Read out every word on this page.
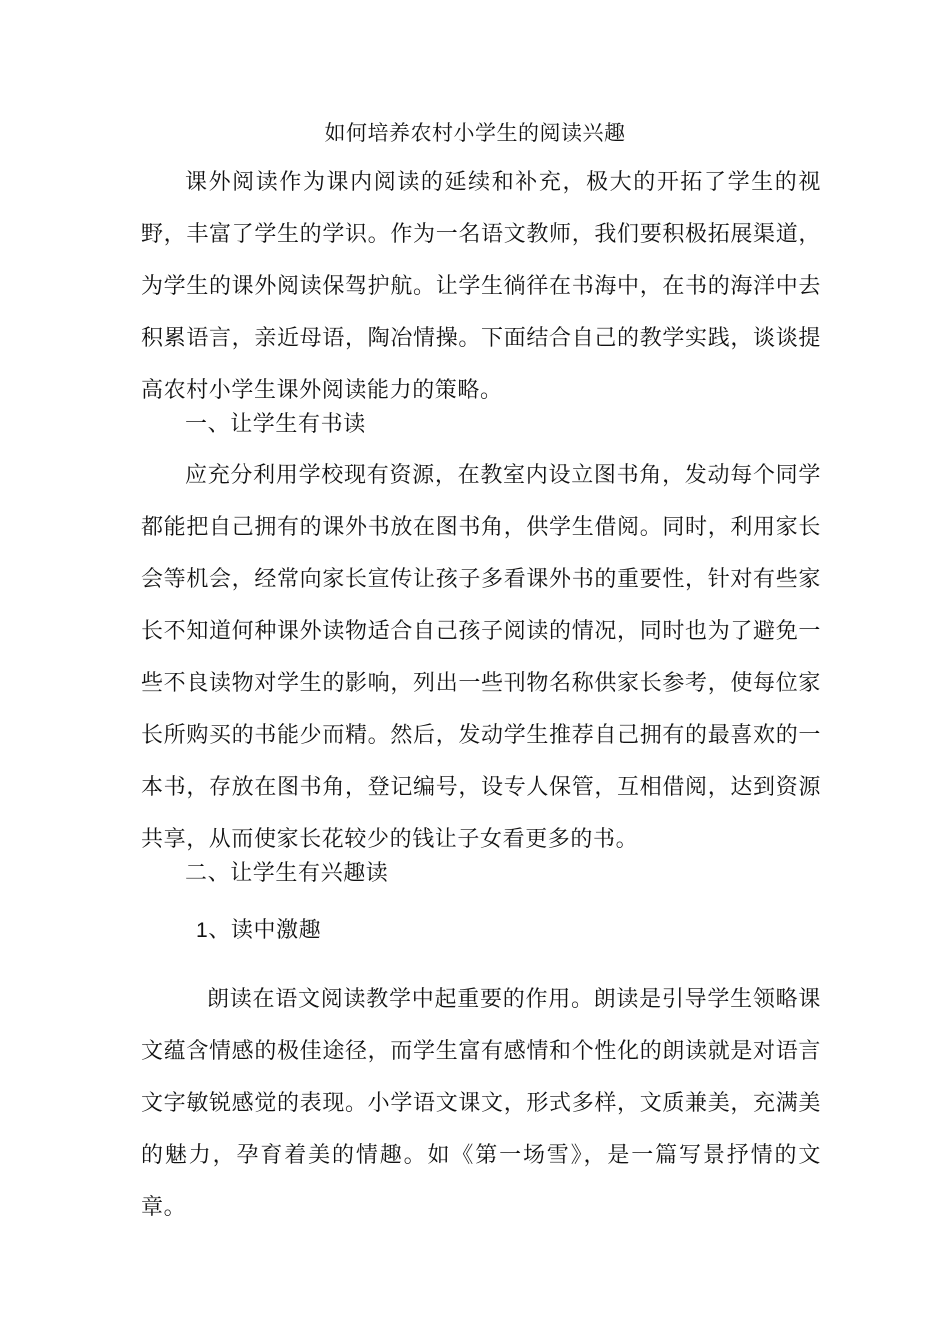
如何培养农村小学生的阅读兴趣

课外阅读作为课内阅读的延续和补充，极大的开拓了学生的视野，丰富了学生的学识。作为一名语文教师，我们要积极拓展渠道，为学生的课外阅读保驾护航。让学生徜徉在书海中，在书的海洋中去积累语言，亲近母语，陶冶情操。下面结合自己的教学实践，谈谈提高农村小学生课外阅读能力的策略。

一、让学生有书读

应充分利用学校现有资源，在教室内设立图书角，发动每个同学都能把自己拥有的课外书放在图书角，供学生借阅。同时，利用家长会等机会，经常向家长宣传让孩子多看课外书的重要性，针对有些家长不知道何种课外读物适合自己孩子阅读的情况，同时也为了避免一些不良读物对学生的影响，列出一些刊物名称供家长参考，使每位家长所购买的书能少而精。然后，发动学生推荐自己拥有的最喜欢的一本书，存放在图书角，登记编号，设专人保管，互相借阅，达到资源共享，从而使家长花较少的钱让子女看更多的书。

二、让学生有兴趣读

1、读中激趣

朗读在语文阅读教学中起重要的作用。朗读是引导学生领略课文蕴含情感的极佳途径，而学生富有感情和个性化的朗读就是对语言文字敏锐感觉的表现。小学语文课文，形式多样，文质兼美，充满美的魅力，孕育着美的情趣。如《第一场雪》，是一篇写景抒情的文章。
